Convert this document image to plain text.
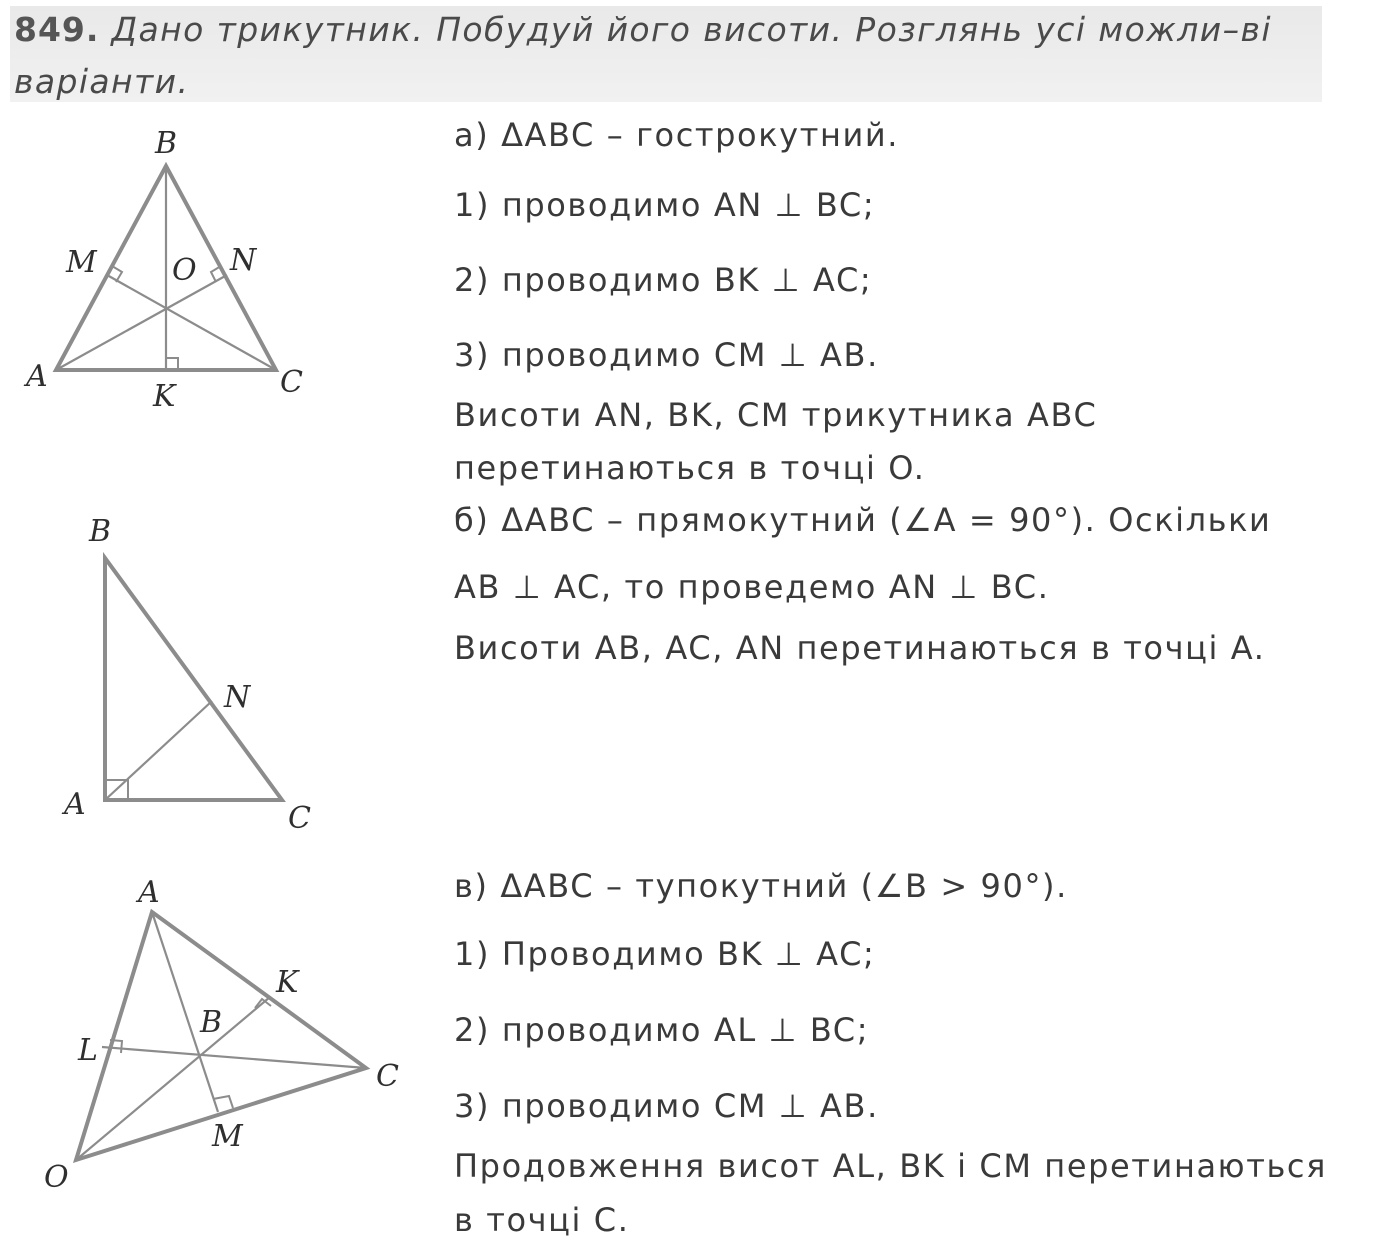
849. Дано трикутник. Побудуй його висоти. Розглянь усі можли–ві
варіанти.
а) ΔABC – гострокутний.
1) проводимо AN ⊥ BC;
2) проводимо BK ⊥ AC;
3) проводимо CM ⊥ AB.
Висоти AN, BK, CM трикутника ABC
перетинаються в точці O.
б) ΔABC – прямокутний (∠A = 90°). Оскільки
AB ⊥ AC, то проведемо AN ⊥ BC.
Висоти AB, AC, AN перетинаються в точці A.
в) ΔABC – тупокутний (∠B > 90°).
1) Проводимо BK ⊥ AC;
2) проводимо AL ⊥ BC;
3) проводимо CM ⊥ AB.
Продовження висот AL, BK і CM перетинаються
в точці C.
B
M	O N
A
K	C
B
N
A	C
A
K
B
L
C
M
O
